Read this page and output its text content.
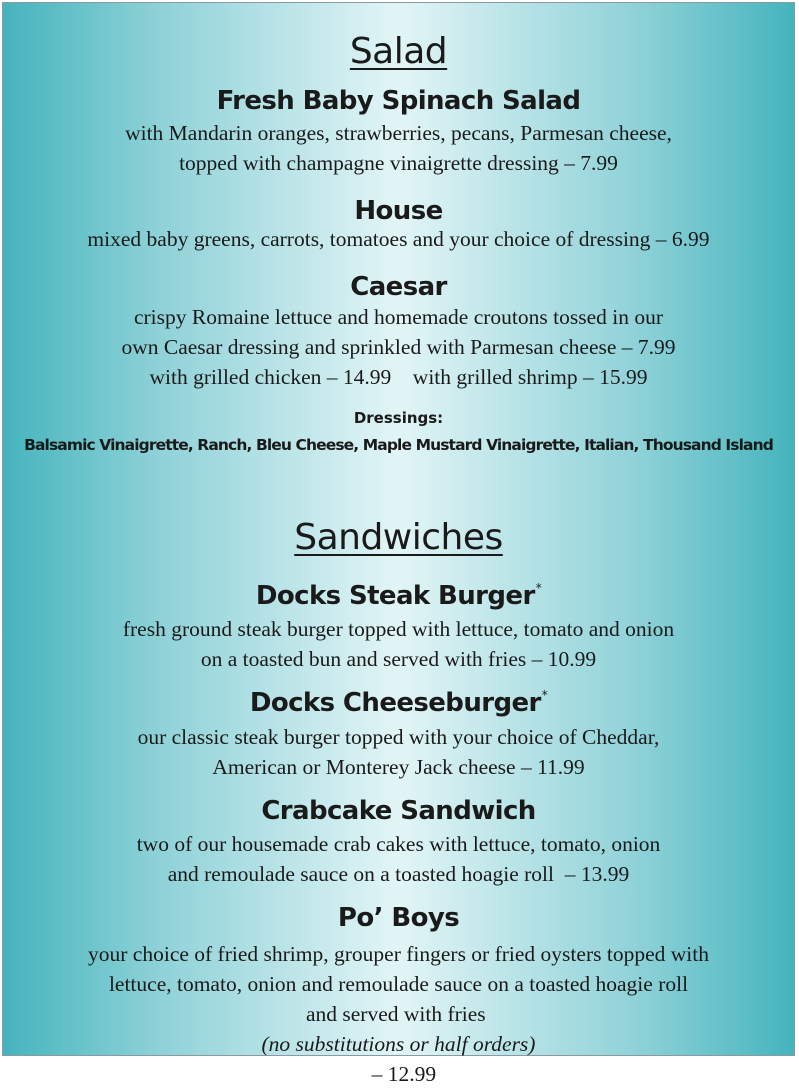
Salad
Fresh Baby Spinach Salad
with Mandarin oranges, strawberries, pecans, Parmesan cheese,
topped with champagne vinaigrette dressing – 7.99
House
mixed baby greens, carrots, tomatoes and your choice of dressing – 6.99
Caesar
crispy Romaine lettuce and homemade croutons tossed in our
own Caesar dressing and sprinkled with Parmesan cheese – 7.99
with grilled chicken – 14.99    with grilled shrimp – 15.99
Dressings:
Balsamic Vinaigrette, Ranch, Bleu Cheese, Maple Mustard Vinaigrette, Italian, Thousand Island
Sandwiches
Docks Steak Burger*
fresh ground steak burger topped with lettuce, tomato and onion
on a toasted bun and served with fries – 10.99
Docks Cheeseburger*
our classic steak burger topped with your choice of Cheddar,
American or Monterey Jack cheese – 11.99
Crabcake Sandwich
two of our housemade crab cakes with lettuce, tomato, onion
and remoulade sauce on a toasted hoagie roll  – 13.99
Po’ Boys
your choice of fried shrimp, grouper fingers or fried oysters topped with
lettuce, tomato, onion and remoulade sauce on a toasted hoagie roll
and served with fries
(no substitutions or half orders)
– 12.99
